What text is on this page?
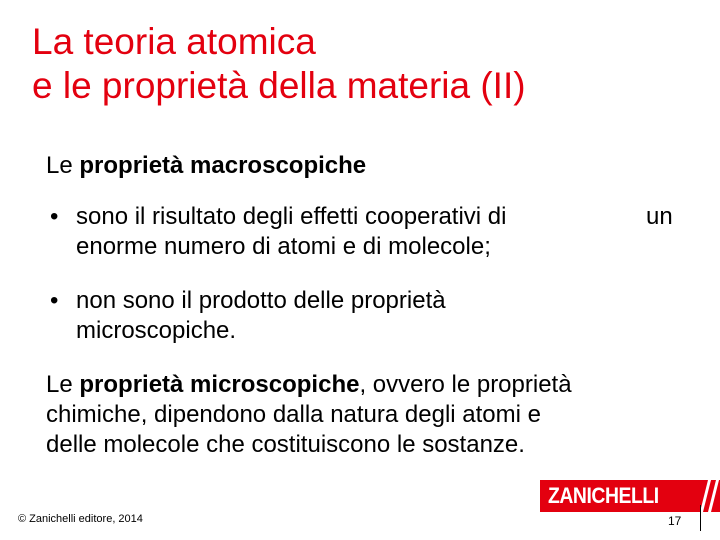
La teoria atomica
e le proprietà della materia (II)
Le proprietà macroscopiche
• sono il risultato degli effetti cooperativi di	un
enorme numero di atomi e di molecole;
• non sono il prodotto delle proprietà
microscopiche.
Le proprietà microscopiche, ovvero le proprietà
chimiche, dipendono dalla natura degli atomi e
delle molecole che costituiscono le sostanze.
© Zanichelli editore, 2014
ZANICHELLI
17
